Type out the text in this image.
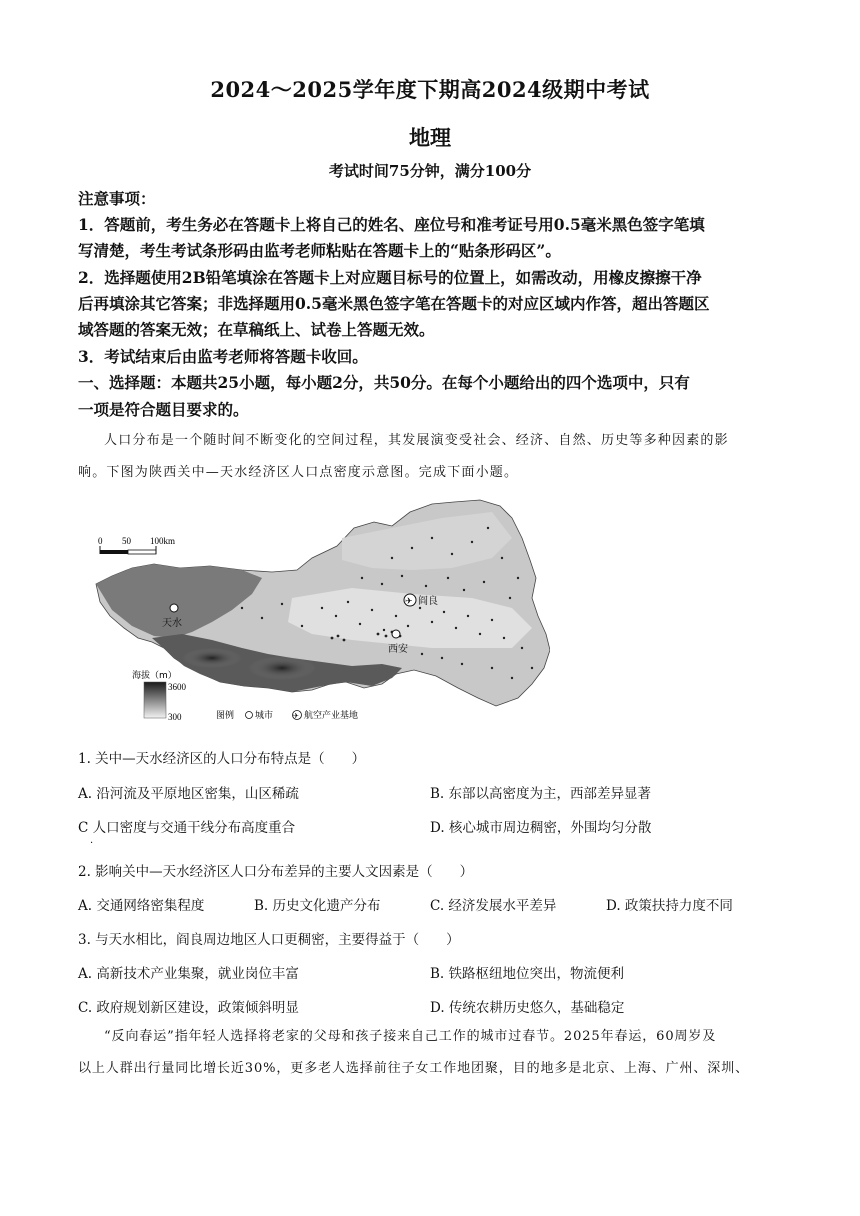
2024～2025学年度下期高2024级期中考试
地理
考试时间75分钟，满分100分
注意事项：
1．答题前，考生务必在答题卡上将自己的姓名、座位号和准考证号用0.5毫米黑色签字笔填
写清楚，考生考试条形码由监考老师粘贴在答题卡上的“贴条形码区”。
2．选择题使用2B铅笔填涂在答题卡上对应题目标号的位置上，如需改动，用橡皮擦擦干净
后再填涂其它答案；非选择题用0.5毫米黑色签字笔在答题卡的对应区域内作答，超出答题区
域答题的答案无效；在草稿纸上、试卷上答题无效。
3．考试结束后由监考老师将答题卡收回。
一、选择题：本题共25小题，每小题2分，共50分。在每个小题给出的四个选项中，只有
一项是符合题目要求的。
人口分布是一个随时间不断变化的空间过程，其发展演变受社会、经济、自然、历史等多种因素的影
响。下图为陕西关中—天水经济区人口点密度示意图。完成下面小题。
0 50 100km
天水
西安
✈ 阎良
海拔（m）
3600
300	图例 城市	✈ 航空产业基地
1. 关中—天水经济区的人口分布特点是（　　）
A. 沿河流及平原地区密集，山区稀疏	B. 东部以高密度为主，西部差异显著
C 人口密度与交通干线分布高度重合
·
D. 核心城市周边稠密，外围均匀分散
2. 影响关中—天水经济区人口分布差异的主要人文因素是（　　）
A. 交通网络密集程度	B. 历史文化遗产分布	C. 经济发展水平差异	D. 政策扶持力度不同
3. 与天水相比，阎良周边地区人口更稠密，主要得益于（　　）
A. 高新技术产业集聚，就业岗位丰富	B. 铁路枢纽地位突出，物流便利
C. 政府规划新区建设，政策倾斜明显	D. 传统农耕历史悠久，基础稳定
“反向春运”指年轻人选择将老家的父母和孩子接来自己工作的城市过春节。2025年春运，60周岁及
以上人群出行量同比增长近30%，更多老人选择前往子女工作地团聚，目的地多是北京、上海、广州、深圳、
